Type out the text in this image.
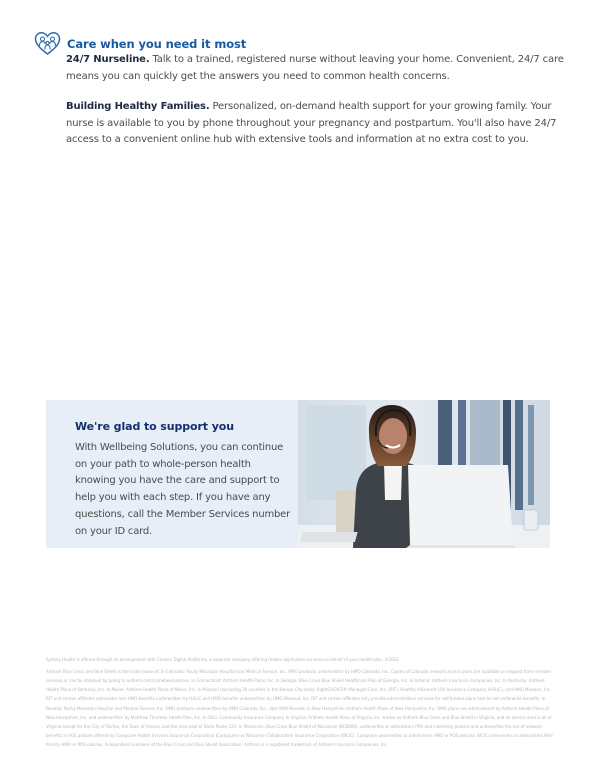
Care when you need it most
24/7 Nurseline. Talk to a trained, registered nurse without leaving your home. Convenient, 24/7 care means you can quickly get the answers you need to common health concerns.
Building Healthy Families. Personalized, on-demand health support for your growing family. Your nurse is available to you by phone throughout your pregnancy and postpartum. You'll also have 24/7 access to a convenient online hub with extensive tools and information at no extra cost to you.
We're glad to support you
With Wellbeing Solutions, you can continue on your path to whole-person health knowing you have the care and support to help you with each step. If you have any questions, call the Member Services number on your ID card.

Sydney Health is offered through an arrangement with Carelon Digital Platforms, a separate company offering mobile application services on behalf of your health plan. ©2023

Anthem Blue Cross and Blue Shield is the trade name of: In Colorado: Rocky Mountain Hospital and Medical Service, Inc. HMO products underwritten by HMO Colorado, Inc. Copies of Colorado network access plans are available on request from member services or can be obtained by going to anthem.com/co/networkaccess. In Connecticut: Anthem Health Plans, Inc. In Georgia: Blue Cross Blue Shield Healthcare Plan of Georgia, Inc. In Indiana: Anthem Insurance Companies, Inc. In Kentucky: Anthem Health Plans of Kentucky, Inc. In Maine: Anthem Health Plans of Maine, Inc. In Missouri (excluding 30 counties in the Kansas City area): RightCHOICE® Managed Care, Inc. (RIT), Healthy Alliance® Life Insurance Company (HALIC), and HMO Missouri, Inc. RIT and certain affiliates administer non-HMO benefits underwritten by HALIC and HMO benefits underwritten by HMO Missouri, Inc. RIT and certain affiliates only provide administrative services for self-funded plans and do not underwrite benefits. In Nevada: Rocky Mountain Hospital and Medical Service, Inc. HMO products underwritten by HMO Colorado, Inc., dba HMO Nevada. In New Hampshire: Anthem Health Plans of New Hampshire, Inc. HMO plans are administered by Anthem Health Plans of New Hampshire, Inc. and underwritten by Matthew Thornton Health Plan, Inc. In Ohio: Community Insurance Company. In Virginia: Anthem Health Plans of Virginia, Inc. trades as Anthem Blue Cross and Blue Shield in Virginia, and its service area is all of Virginia except for the City of Fairfax, the Town of Vienna, and the area east of State Route 123. In Wisconsin: Blue Cross Blue Shield of Wisconsin (BCBSWI), underwrites or administers PPO and indemnity policies and underwrites the out of network benefits in POS policies offered by Compcare Health Services Insurance Corporation (Compcare) or Wisconsin Collaborative Insurance Corporation (WCIC). Compcare underwrites or administers HMO or POS policies; WCIC underwrites or administers Well Priority HMO or POS policies. Independent licensees of the Blue Cross and Blue Shield Association. Anthem is a registered trademark of Anthem Insurance Companies, Inc.
